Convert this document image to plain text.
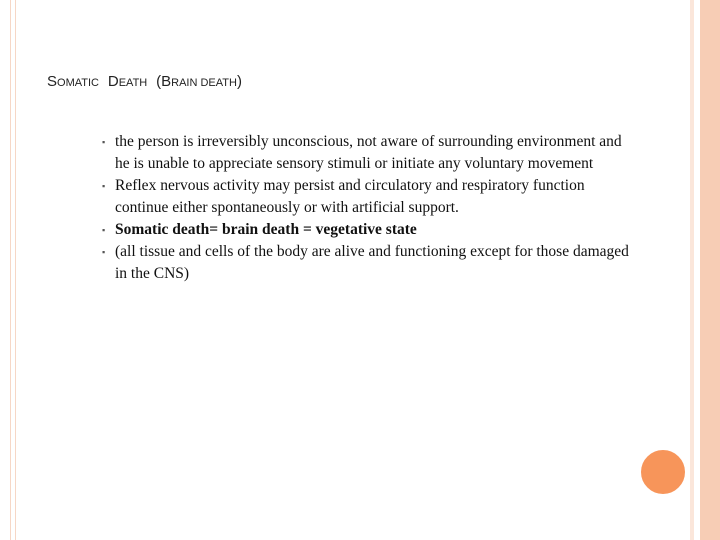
SOMATIC DEATH (BRAIN DEATH)
▪ the person is irreversibly unconscious, not aware of surrounding environment and he is unable to appreciate sensory stimuli or initiate any voluntary movement
▪ Reflex nervous activity may persist and circulatory and respiratory function continue either spontaneously or with artificial support.
▪ Somatic death= brain death = vegetative state
▪ (all tissue and cells of the body are alive and functioning except for those damaged in the CNS)
